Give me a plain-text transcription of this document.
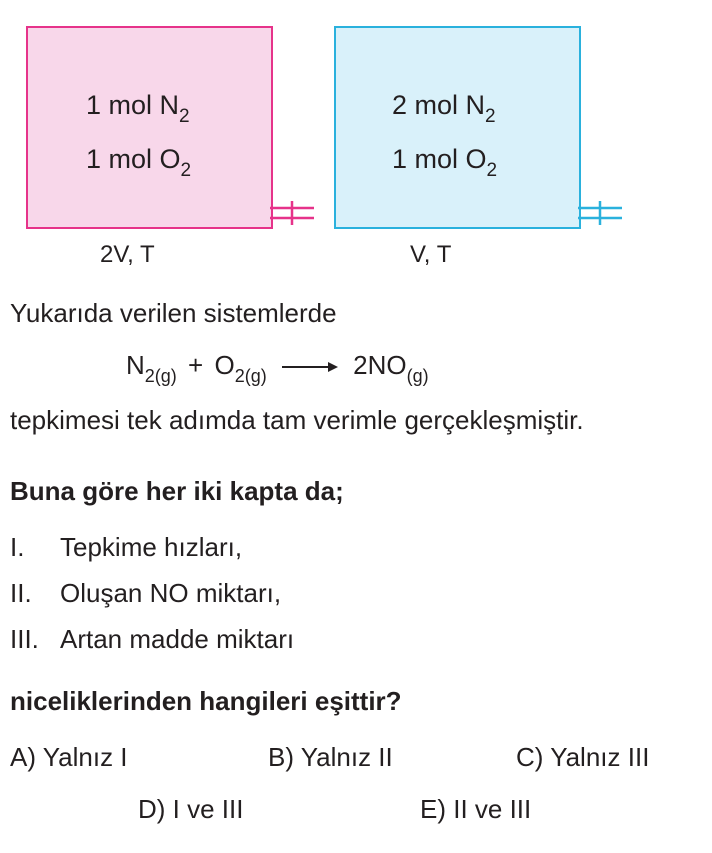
1 mol $N_2$
1 mol $O_2$
2V, T
2 mol $N_2$
1 mol $O_2$
V, T
Yukarıda verilen sistemlerde
$N_{2(g)} + O_{2(g)} \to 2NO_{(g)}$
tepkimesi tek adımda tam verimle gerçekleşmiştir.
Buna göre her iki kapta da;
I. Tepkime hızları,
II. Oluşan NO miktarı,
III. Artan madde miktarı
niceliklerinden hangileri eşittir?
A) Yalnız I	B) Yalnız II	C) Yalnız III
D) I ve III	E) II ve III
